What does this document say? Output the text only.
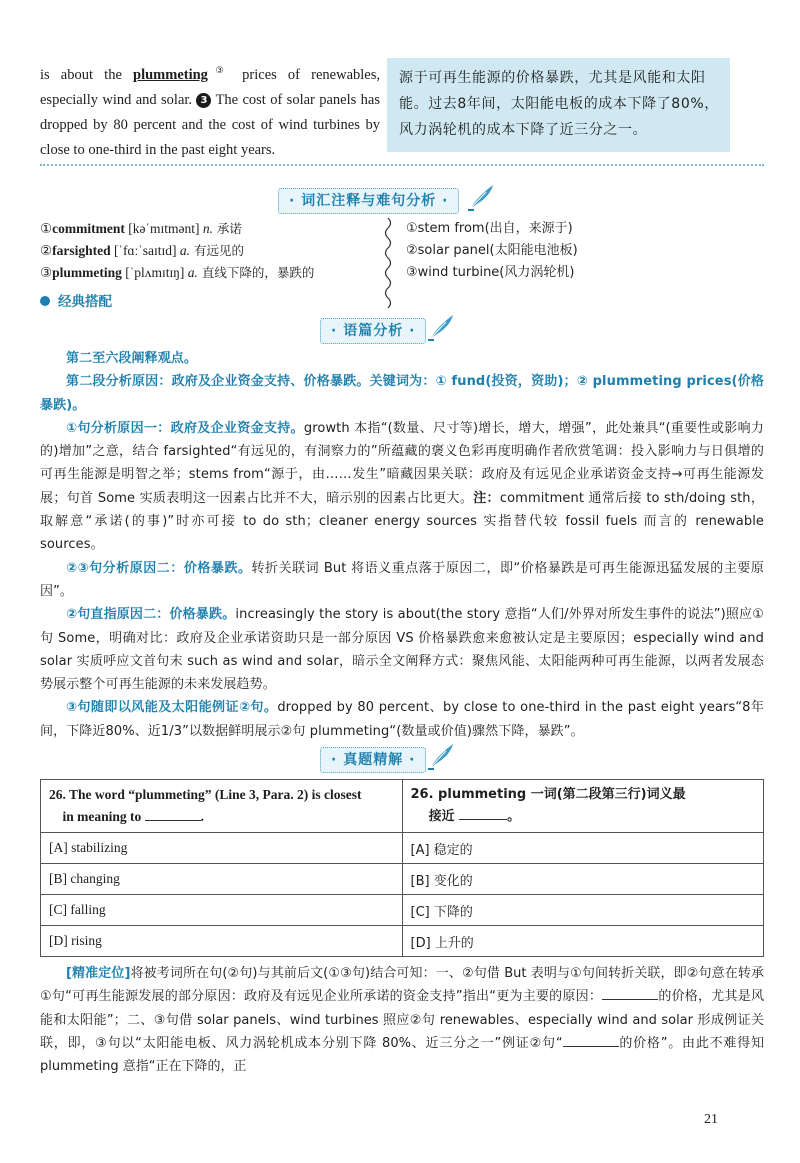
is about the plummeting③ prices of renewables, especially wind and solar. 3 The cost of solar panels has dropped by 80 percent and the cost of wind turbines by close to one-third in the past eight years.
源于可再生能源的价格暴跌，尤其是风能和太阳能。过去8年间，太阳能电板的成本下降了80%，风力涡轮机的成本下降了近三分之一。
· 词汇注释与难句分析 ·
①commitment [kəˈmɪtmənt] n. 承诺
②farsighted [ˈfɑːˈsaɪtɪd] a. 有远见的
③plummeting [ˈplʌmɪtɪŋ] a. 直线下降的，暴跌的
①stem from(出自，来源于)
②solar panel(太阳能电池板)
③wind turbine(风力涡轮机)
经典搭配
· 语篇分析 ·

第二至六段阐释观点。

第二段分析原因：政府及企业资金支持、价格暴跌。关键词为：① fund(投资，资助)；② plummeting prices(价格暴跌)。

①句分析原因一：政府及企业资金支持。growth 本指“(数量、尺寸等)增长，增大，增强”，此处兼具“(重要性或影响力的)增加”之意，结合 farsighted“有远见的，有洞察力的”所蕴藏的褒义色彩再度明确作者欣赏笔调：投入影响力与日俱增的可再生能源是明智之举；stems from“源于，由……发生”暗藏因果关联：政府及有远见企业承诺资金支持→可再生能源发展；句首 Some 实质表明这一因素占比并不大，暗示别的因素占比更大。注：commitment 通常后接 to sth/doing sth，取解意“承诺(的事)”时亦可接 to do sth；cleaner energy sources 实指替代较 fossil fuels 而言的 renewable sources。

②③句分析原因二：价格暴跌。转折关联词 But 将语义重点落于原因二，即“价格暴跌是可再生能源迅猛发展的主要原因”。

②句直指原因二：价格暴跌。increasingly the story is about(the story 意指“人们/外界对所发生事件的说法”)照应①句 Some，明确对比：政府及企业承诺资助只是一部分原因 VS 价格暴跌愈来愈被认定是主要原因；especially wind and solar 实质呼应文首句末 such as wind and solar，暗示全文阐释方式：聚焦风能、太阳能两种可再生能源，以两者发展态势展示整个可再生能源的未来发展趋势。

③句随即以风能及太阳能例证②句。dropped by 80 percent、by close to one-third in the past eight years“8年间，下降近80%、近1/3”以数据鲜明展示②句 plummeting“(数量或价值)骤然下降，暴跌”。

· 真题精解 ·
26. The word “plummeting” (Line 3, Para. 2) is closest
in meaning to .	26. plummeting 一词(第二段第三行)词义最
接近 。
[A] stabilizing	[A] 稳定的
[B] changing	[B] 变化的
[C] falling	[C] 下降的
[D] rising	[D] 上升的

[精准定位]将被考词所在句(②句)与其前后文(①③句)结合可知：一、②句借 But 表明与①句间转折关联，即②句意在转承①句“可再生能源发展的部分原因：政府及有远见企业所承诺的资金支持”指出“更为主要的原因：	的价格，尤其是风能和太阳能”；二、③句借 solar panels、wind turbines 照应②句 renewables、especially wind and solar 形成例证关联，即，③句以“太阳能电板、风力涡轮机成本分别下降 80%、近三分之一”例证②句“	的价格”。由此不难得知 plummeting 意指“正在下降的，正

21
